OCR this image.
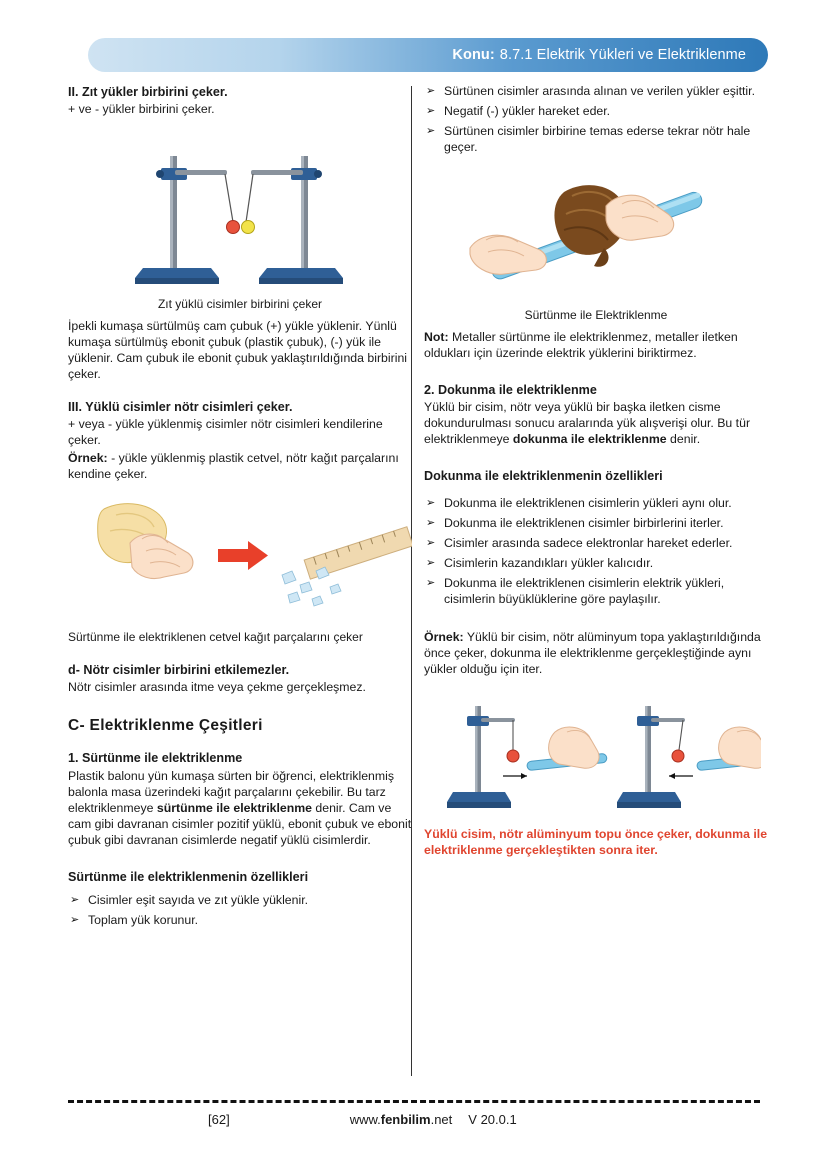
Konu: 8.7.1 Elektrik Yükleri ve Elektriklenme
II. Zıt yükler birbirini çeker.

+ ve - yükler birbirini çeker.

Zıt yüklü cisimler birbirini çeker

İpekli kumaşa sürtülmüş cam çubuk (+) yükle yüklenir. Yünlü kumaşa sürtülmüş ebonit çubuk (plastik çubuk), (-) yük ile yüklenir. Cam çubuk ile ebonit çubuk yaklaştırıldığında birbirini çeker.

III. Yüklü cisimler nötr cisimleri çeker.

+ veya - yükle yüklenmiş cisimler nötr cisimleri kendilerine çeker.

Örnek: - yükle yüklenmiş plastik cetvel, nötr kağıt parçalarını kendine çeker.

Sürtünme ile elektriklenen cetvel kağıt parçalarını çeker
d- Nötr cisimler birbirini etkilemezler.

Nötr cisimler arasında itme veya çekme gerçekleşmez.

C- Elektriklenme Çeşitleri
1. Sürtünme ile elektriklenme

Plastik balonu yün kumaşa sürten bir öğrenci, elektriklenmiş balonla masa üzerindeki kağıt parçalarını çekebilir. Bu tarz elektriklenmeye sürtünme ile elektriklenme denir. Cam ve cam gibi davranan cisimler pozitif yüklü, ebonit çubuk ve ebonit çubuk gibi davranan cisimlerde negatif yüklü cisimlerdir.

Sürtünme ile elektriklenmenin özellikleri
➢ Cisimler eşit sayıda ve zıt yükle yüklenir.
➢ Toplam yük korunur.
➢ Sürtünen cisimler arasında alınan ve verilen yükler eşittir.
➢ Negatif (-) yükler hareket eder.
➢ Sürtünen cisimler birbirine temas ederse tekrar nötr hale geçer.
Sürtünme ile Elektriklenme

Not: Metaller sürtünme ile elektriklenmez, metaller iletken oldukları için üzerinde elektrik yüklerini biriktirmez.

2. Dokunma ile elektriklenme

Yüklü bir cisim, nötr veya yüklü bir başka iletken cisme dokundurulması sonucu aralarında yük alışverişi olur. Bu tür elektriklenmeye dokunma ile elektriklenme denir.

Dokunma ile elektriklenmenin özellikleri
➢ Dokunma ile elektriklenen cisimlerin yükleri aynı olur.
➢ Dokunma ile elektriklenen cisimler birbirlerini iterler.
➢ Cisimler arasında sadece elektronlar hareket ederler.
➢ Cisimlerin kazandıkları yükler kalıcıdır.
➢ Dokunma ile elektriklenen cisimlerin elektrik yükleri, cisimlerin büyüklüklerine göre paylaşılır.

Örnek: Yüklü bir cisim, nötr alüminyum topa yaklaştırıldığında önce çeker, dokunma ile elektriklenme gerçekleştiğinde aynı yükler olduğu için iter.

Yüklü cisim, nötr alüminyum topu önce çeker, dokunma ile elektriklenme gerçekleştikten sonra iter.
[62]	www.fenbilim.net V 20.0.1
